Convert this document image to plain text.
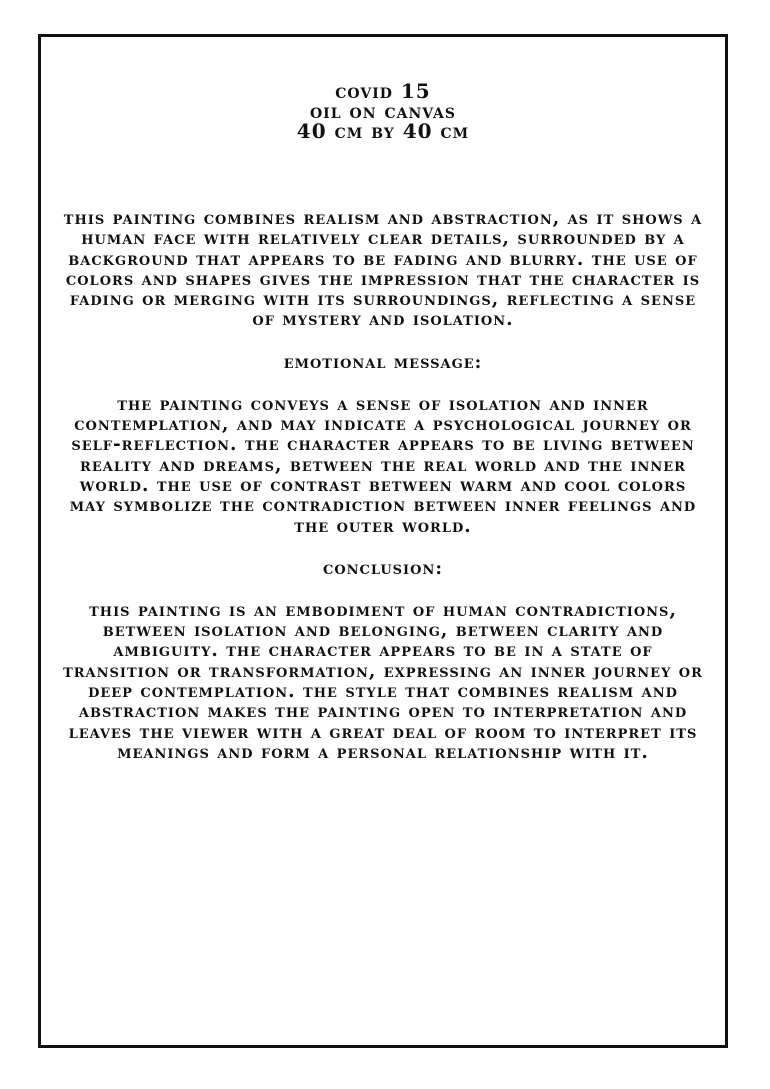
covid 15
oil on canvas
40 cm by 40 cm

this painting combines realism and abstraction, as it shows a human face with relatively clear details, surrounded by a background that appears to be fading and blurry. the use of colors and shapes gives the impression that the character is fading or merging with its surroundings, reflecting a sense of mystery and isolation.

emotional message:

the painting conveys a sense of isolation and inner contemplation, and may indicate a psychological journey or self-reflection. the character appears to be living between reality and dreams, between the real world and the inner world. the use of contrast between warm and cool colors may symbolize the contradiction between inner feelings and the outer world.

conclusion:

this painting is an embodiment of human contradictions, between isolation and belonging, between clarity and ambiguity. the character appears to be in a state of transition or transformation, expressing an inner journey or deep contemplation. the style that combines realism and abstraction makes the painting open to interpretation and leaves the viewer with a great deal of room to interpret its meanings and form a personal relationship with it.
